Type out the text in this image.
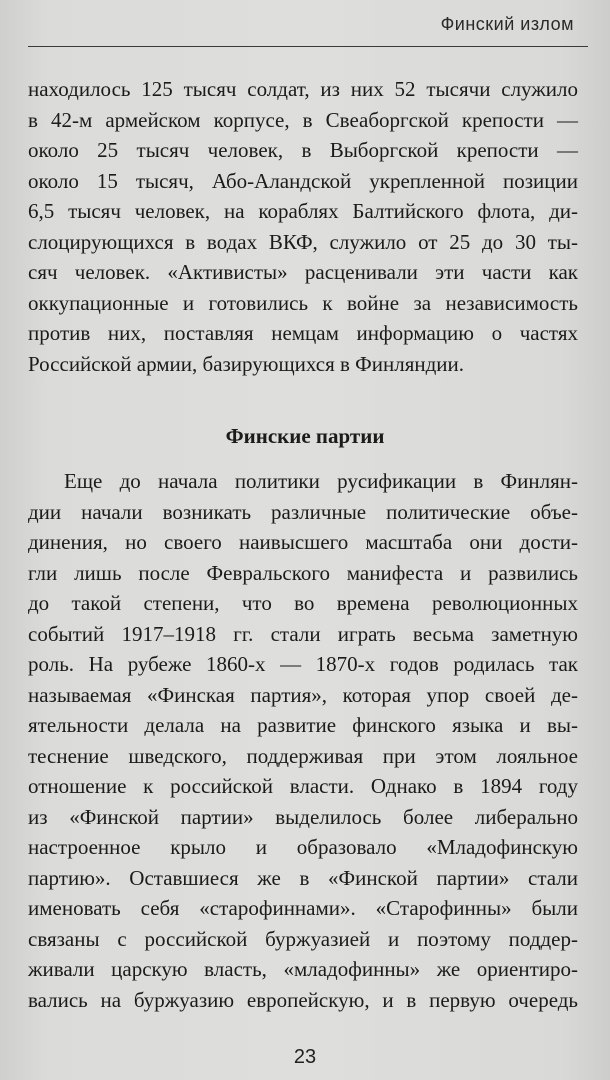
Финский излом
находилось 125 тысяч солдат, из них 52 тысячи служило
в 42-м армейском корпусе, в Свеаборгской крепости —
около 25 тысяч человек, в Выборгской крепости —
около 15 тысяч, Або-Аландской укрепленной позиции
6,5 тысяч человек, на кораблях Балтийского флота, ди-
слоцирующихся в водах ВКФ, служило от 25 до 30 ты-
сяч человек. «Активисты» расценивали эти части как
оккупационные и готовились к войне за независимость
против них, поставляя немцам информацию о частях
Российской армии, базирующихся в Финляндии.
Финские партии
Еще до начала политики русификации в Финлян-
дии начали возникать различные политические объе-
динения, но своего наивысшего масштаба они дости-
гли лишь после Февральского манифеста и развились
до такой степени, что во времена революционных
событий 1917–1918 гг. стали играть весьма заметную
роль. На рубеже 1860-х — 1870-х годов родилась так
называемая «Финская партия», которая упор своей де-
ятельности делала на развитие финского языка и вы-
теснение шведского, поддерживая при этом лояльное
отношение к российской власти. Однако в 1894 году
из «Финской партии» выделилось более либерально
настроенное крыло и образовало «Младофинскую
партию». Оставшиеся же в «Финской партии» стали
именовать себя «старофиннами». «Старофинны» были
связаны с российской буржуазией и поэтому поддер-
живали царскую власть, «младофинны» же ориентиро-
вались на буржуазию европейскую, и в первую очередь
23
